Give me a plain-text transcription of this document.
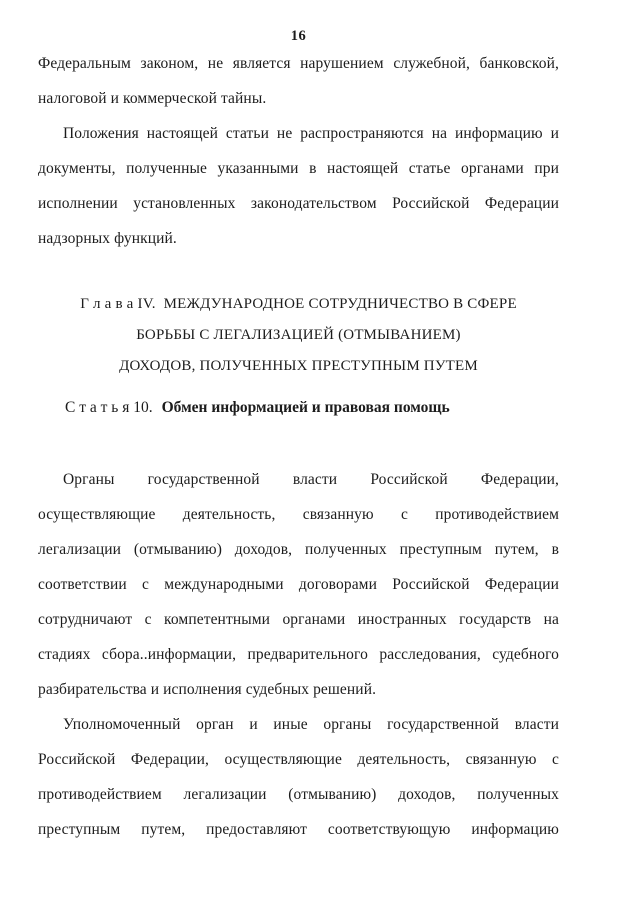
16
Федеральным законом, не является нарушением служебной, банковской,
налоговой и коммерческой тайны.
Положения настоящей статьи не распространяются на информацию и
документы, полученные указанными в настоящей статье органами при
исполнении установленных законодательством Российской Федерации
надзорных функций.
Г л а в а IV.  МЕЖДУНАРОДНОЕ СОТРУДНИЧЕСТВО В СФЕРЕ
БОРЬБЫ С ЛЕГАЛИЗАЦИЕЙ (ОТМЫВАНИЕМ)
ДОХОДОВ, ПОЛУЧЕННЫХ ПРЕСТУПНЫМ ПУТЕМ
С т а т ь я 10. Обмен информацией и правовая помощь
Органы государственной власти Российской Федерации,
осуществляющие деятельность, связанную с противодействием
легализации (отмыванию) доходов, полученных преступным путем, в
соответствии с международными договорами Российской Федерации
сотрудничают с компетентными органами иностранных государств на
стадиях сбора..информации, предварительного расследования, судебного
разбирательства и исполнения судебных решений.
Уполномоченный орган и иные органы государственной власти
Российской Федерации, осуществляющие деятельность, связанную с
противодействием легализации (отмыванию) доходов, полученных
преступным путем, предоставляют соответствующую информацию
